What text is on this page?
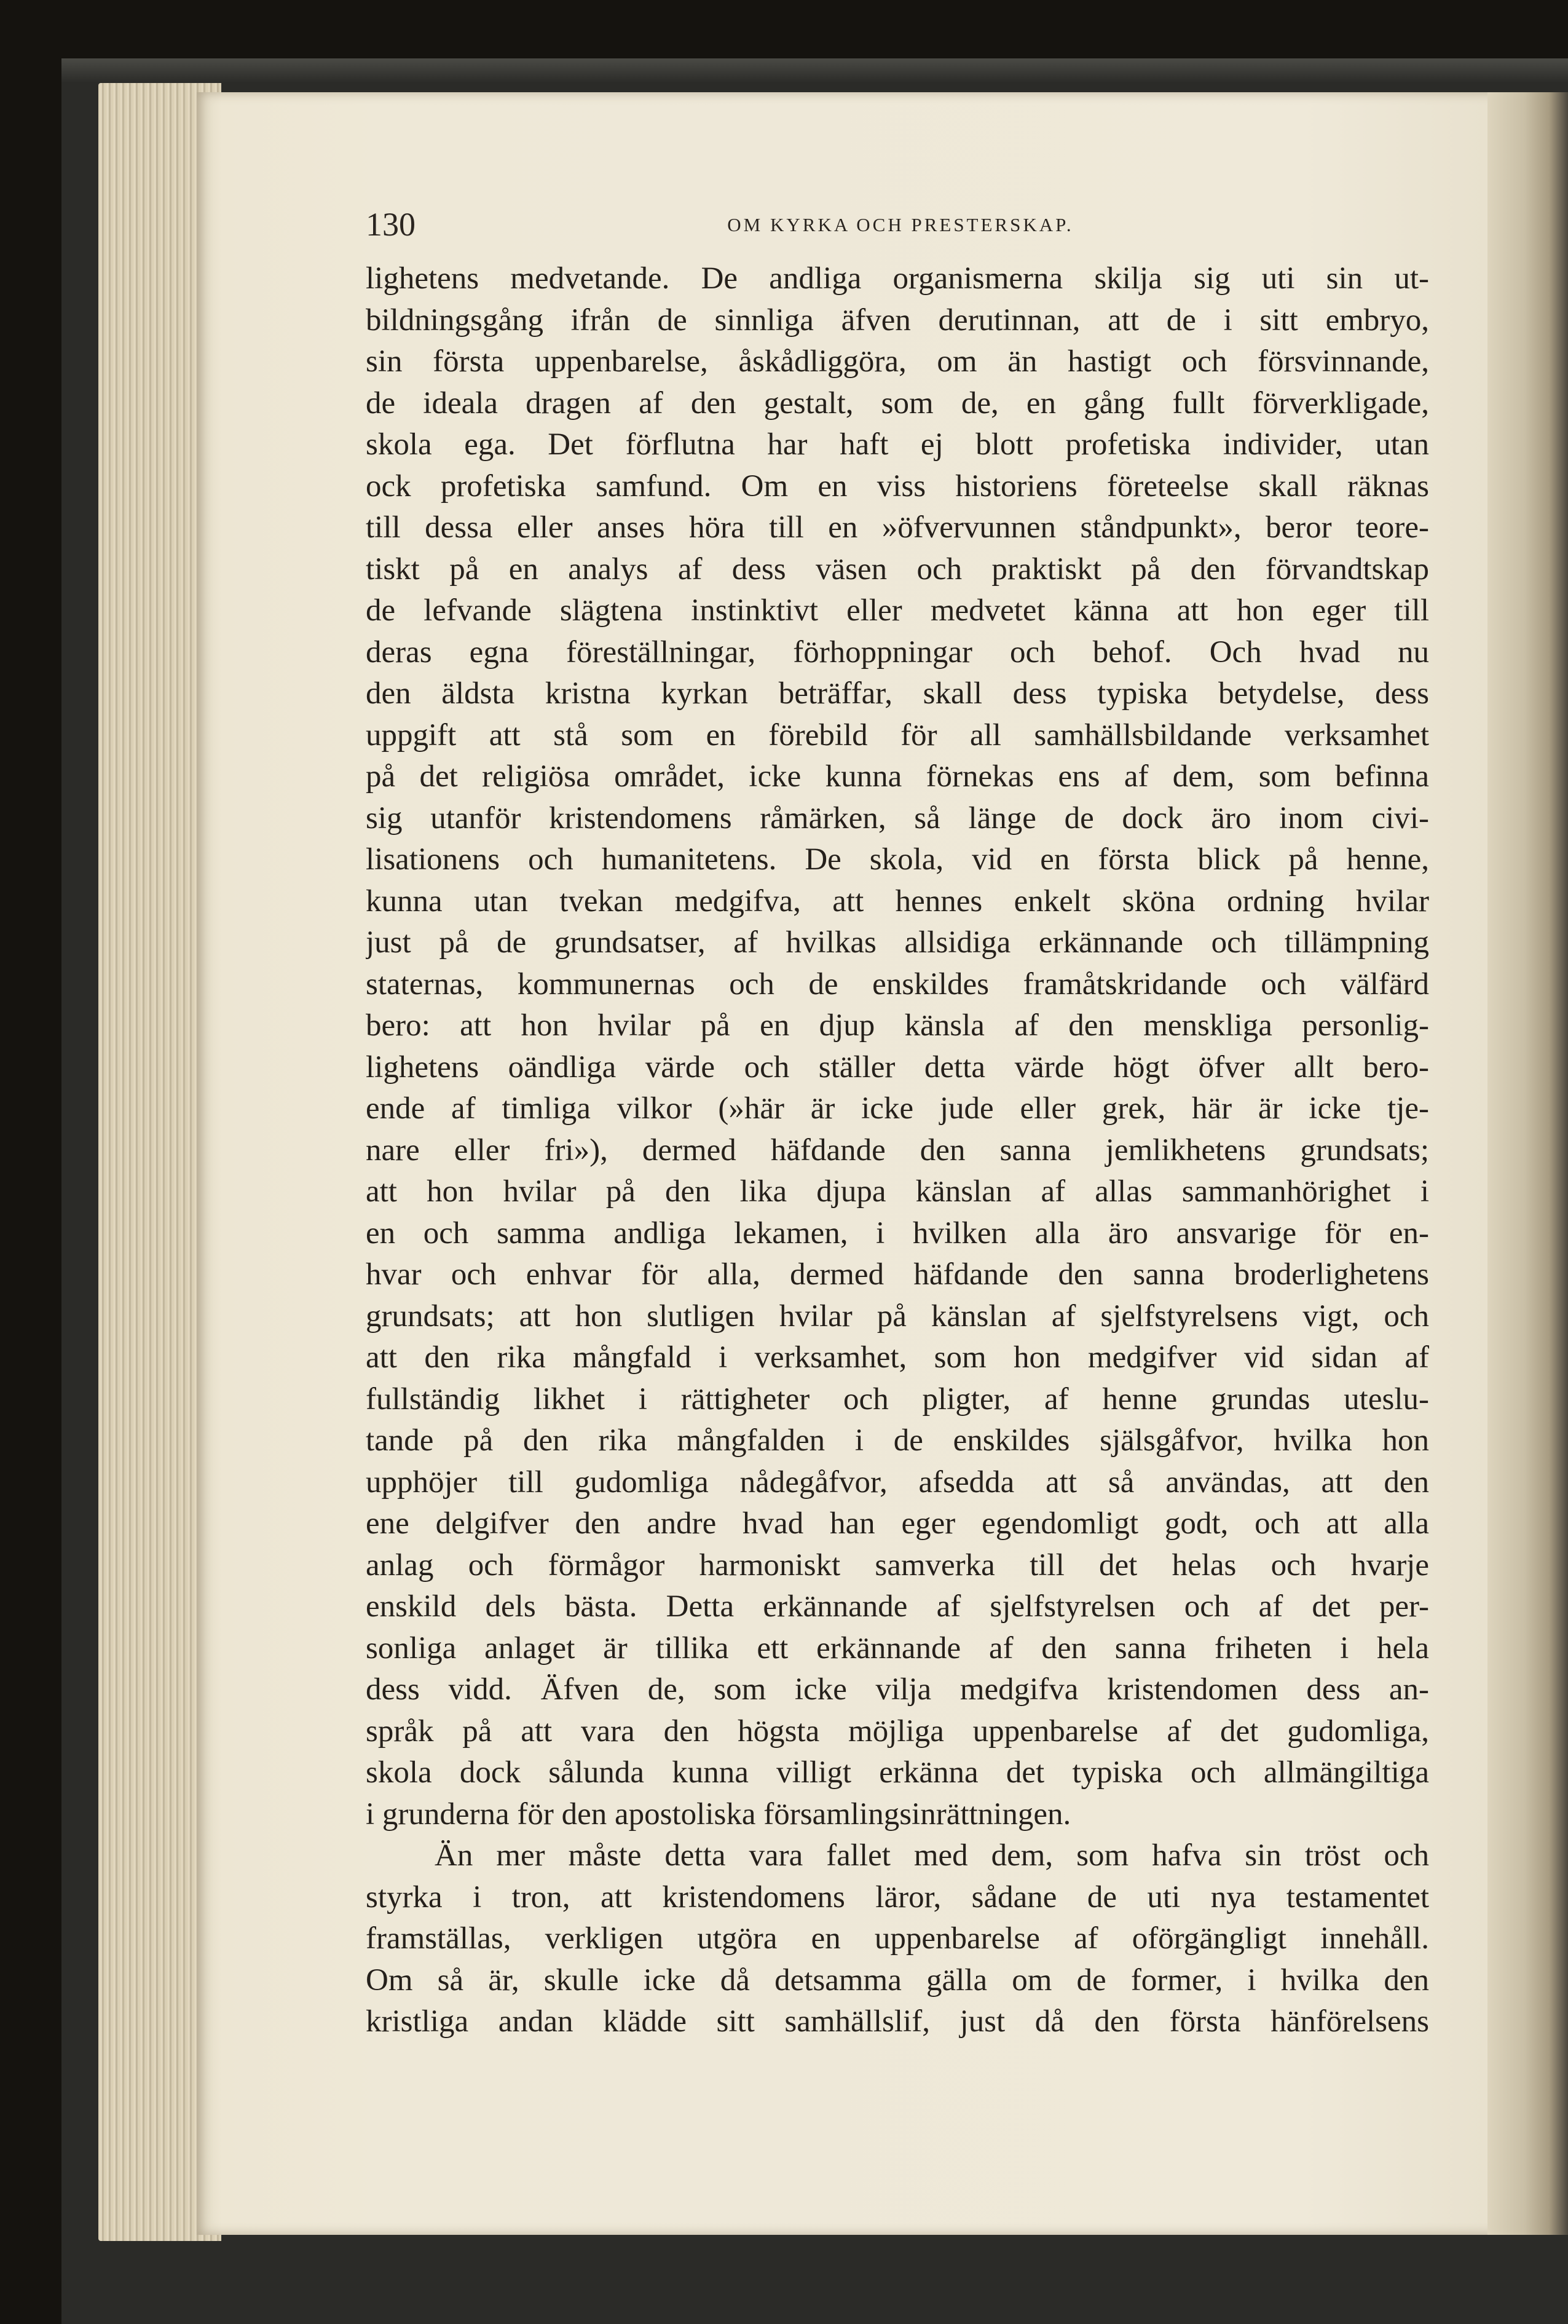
130	OM KYRKA OCH PRESTERSKAP.
lighetens medvetande. De andliga organismerna skilja sig uti sin ut-
bildningsgång ifrån de sinnliga äfven derutinnan, att de i sitt embryo,
sin första uppenbarelse, åskådliggöra, om än hastigt och försvinnande,
de ideala dragen af den gestalt, som de, en gång fullt förverkligade,
skola ega. Det förflutna har haft ej blott profetiska individer, utan
ock profetiska samfund. Om en viss historiens företeelse skall räknas
till dessa eller anses höra till en »öfvervunnen ståndpunkt», beror teore-
tiskt på en analys af dess väsen och praktiskt på den förvandtskap
de lefvande slägtena instinktivt eller medvetet känna att hon eger till
deras egna föreställningar, förhoppningar och behof. Och hvad nu
den äldsta kristna kyrkan beträffar, skall dess typiska betydelse, dess
uppgift att stå som en förebild för all samhällsbildande verksamhet
på det religiösa området, icke kunna förnekas ens af dem, som befinna
sig utanför kristendomens råmärken, så länge de dock äro inom civi-
lisationens och humanitetens. De skola, vid en första blick på henne,
kunna utan tvekan medgifva, att hennes enkelt sköna ordning hvilar
just på de grundsatser, af hvilkas allsidiga erkännande och tillämpning
staternas, kommunernas och de enskildes framåtskridande och välfärd
bero: att hon hvilar på en djup känsla af den menskliga personlig-
lighetens oändliga värde och ställer detta värde högt öfver allt bero-
ende af timliga vilkor (»här är icke jude eller grek, här är icke tje-
nare eller fri»), dermed häfdande den sanna jemlikhetens grundsats;
att hon hvilar på den lika djupa känslan af allas sammanhörighet i
en och samma andliga lekamen, i hvilken alla äro ansvarige för en-
hvar och enhvar för alla, dermed häfdande den sanna broderlighetens
grundsats; att hon slutligen hvilar på känslan af sjelfstyrelsens vigt, och
att den rika mångfald i verksamhet, som hon medgifver vid sidan af
fullständig likhet i rättigheter och pligter, af henne grundas uteslu-
tande på den rika mångfalden i de enskildes själsgåfvor, hvilka hon
upphöjer till gudomliga nådegåfvor, afsedda att så användas, att den
ene delgifver den andre hvad han eger egendomligt godt, och att alla
anlag och förmågor harmoniskt samverka till det helas och hvarje
enskild dels bästa. Detta erkännande af sjelfstyrelsen och af det per-
sonliga anlaget är tillika ett erkännande af den sanna friheten i hela
dess vidd. Äfven de, som icke vilja medgifva kristendomen dess an-
språk på att vara den högsta möjliga uppenbarelse af det gudomliga,
skola dock sålunda kunna villigt erkänna det typiska och allmängiltiga
i grunderna för den apostoliska församlingsinrättningen.
Än mer måste detta vara fallet med dem, som hafva sin tröst och
styrka i tron, att kristendomens läror, sådane de uti nya testamentet
framställas, verkligen utgöra en uppenbarelse af oförgängligt innehåll.
Om så är, skulle icke då detsamma gälla om de former, i hvilka den
kristliga andan klädde sitt samhällslif, just då den första hänförelsens
